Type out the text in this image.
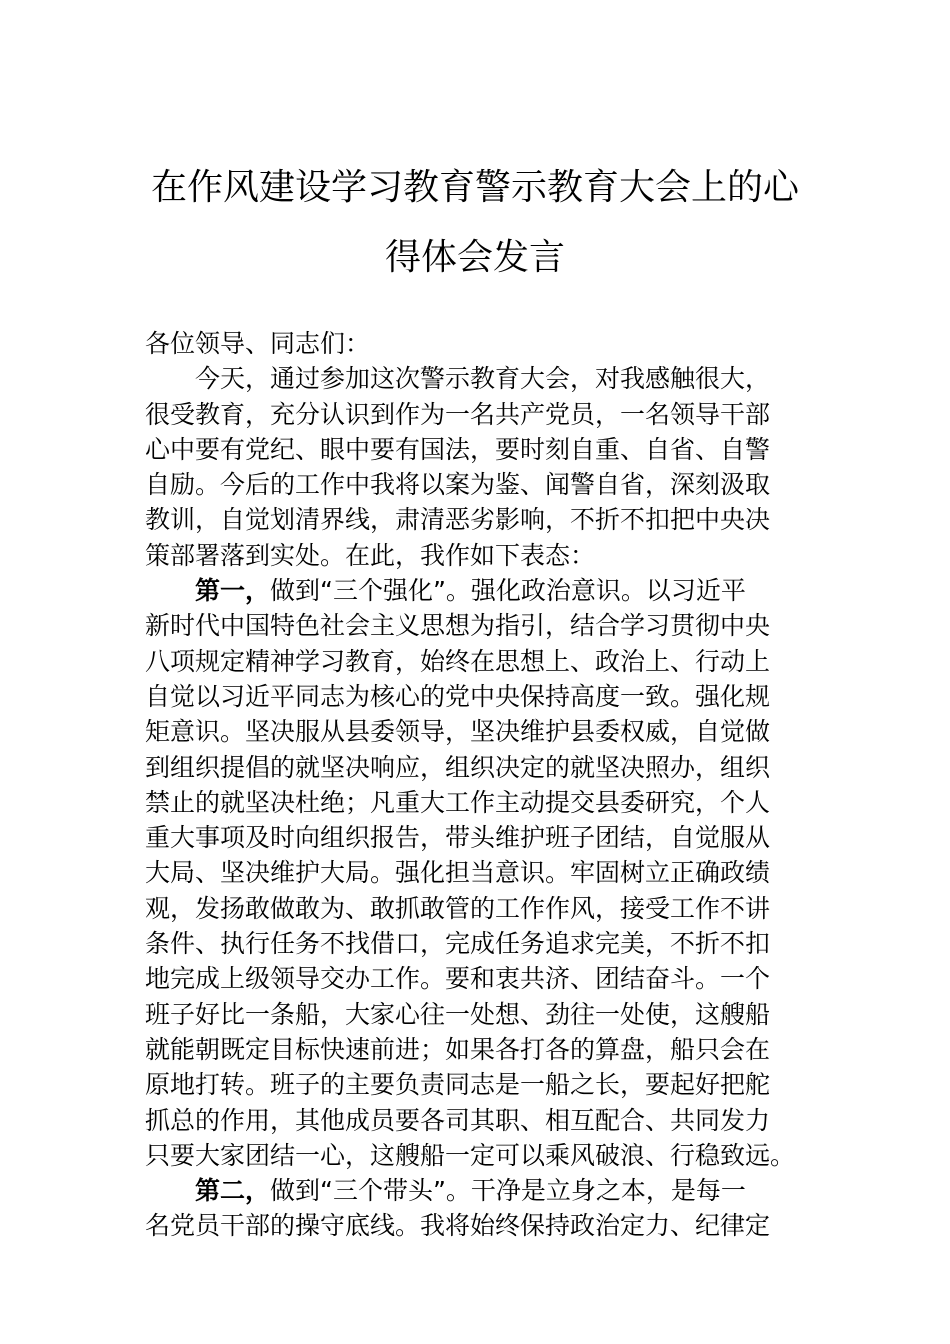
在作风建设学习教育警示教育大会上的心
得体会发言
各位领导、同志们：
今天，通过参加这次警示教育大会，对我感触很大，
很受教育，充分认识到作为一名共产党员，一名领导干部
心中要有党纪、眼中要有国法，要时刻自重、自省、自警
自励。今后的工作中我将以案为鉴、闻警自省，深刻汲取
教训，自觉划清界线，肃清恶劣影响，不折不扣把中央决
策部署落到实处。在此，我作如下表态：
第一，做到“三个强化”。强化政治意识。以习近平
新时代中国特色社会主义思想为指引，结合学习贯彻中央
八项规定精神学习教育，始终在思想上、政治上、行动上
自觉以习近平同志为核心的党中央保持高度一致。强化规
矩意识。坚决服从县委领导，坚决维护县委权威，自觉做
到组织提倡的就坚决响应，组织决定的就坚决照办，组织
禁止的就坚决杜绝；凡重大工作主动提交县委研究，个人
重大事项及时向组织报告，带头维护班子团结，自觉服从
大局、坚决维护大局。强化担当意识。牢固树立正确政绩
观，发扬敢做敢为、敢抓敢管的工作作风，接受工作不讲
条件、执行任务不找借口，完成任务追求完美，不折不扣
地完成上级领导交办工作。要和衷共济、团结奋斗。一个
班子好比一条船，大家心往一处想、劲往一处使，这艘船
就能朝既定目标快速前进；如果各打各的算盘，船只会在
原地打转。班子的主要负责同志是一船之长，要起好把舵
抓总的作用，其他成员要各司其职、相互配合、共同发力
只要大家团结一心，这艘船一定可以乘风破浪、行稳致远。
第二，做到“三个带头”。干净是立身之本，是每一
名党员干部的操守底线。我将始终保持政治定力、纪律定
